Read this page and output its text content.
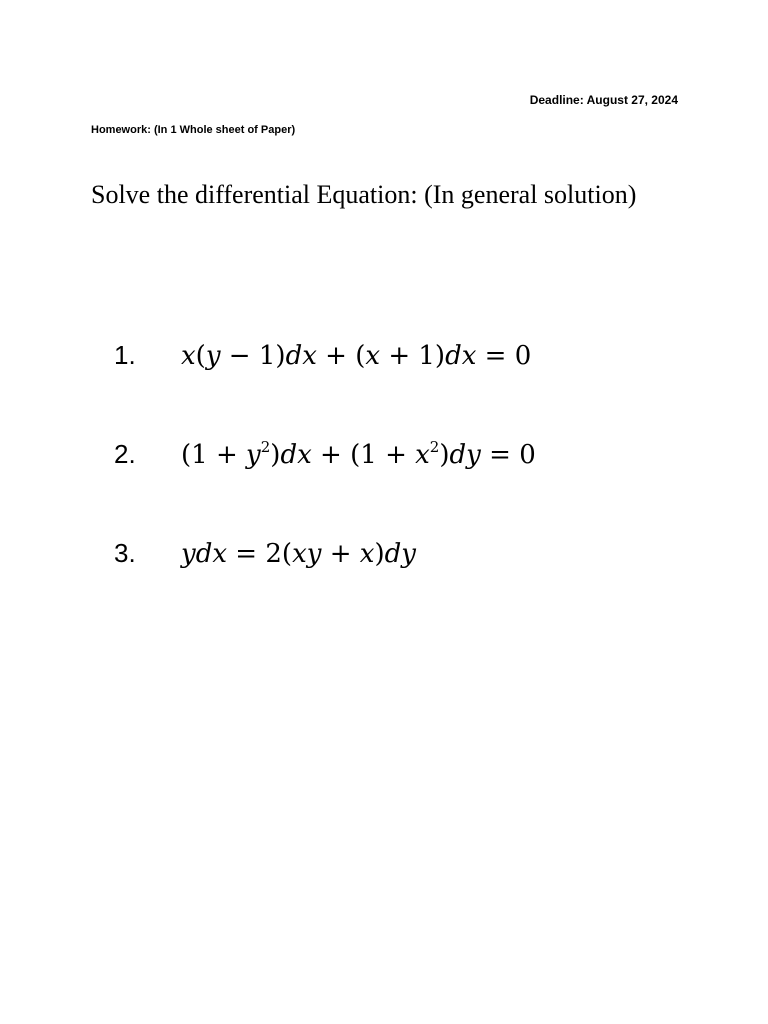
Deadline: August 27, 2024
Homework: (In 1 Whole sheet of Paper)
Solve the differential Equation: (In general solution)
1.	x(y − 1)dx + (x + 1)dx = 0
2.	$(1 + y^2)dx + (1 + x^2)dy = 0$
3.	ydx = 2(xy + x)dy
